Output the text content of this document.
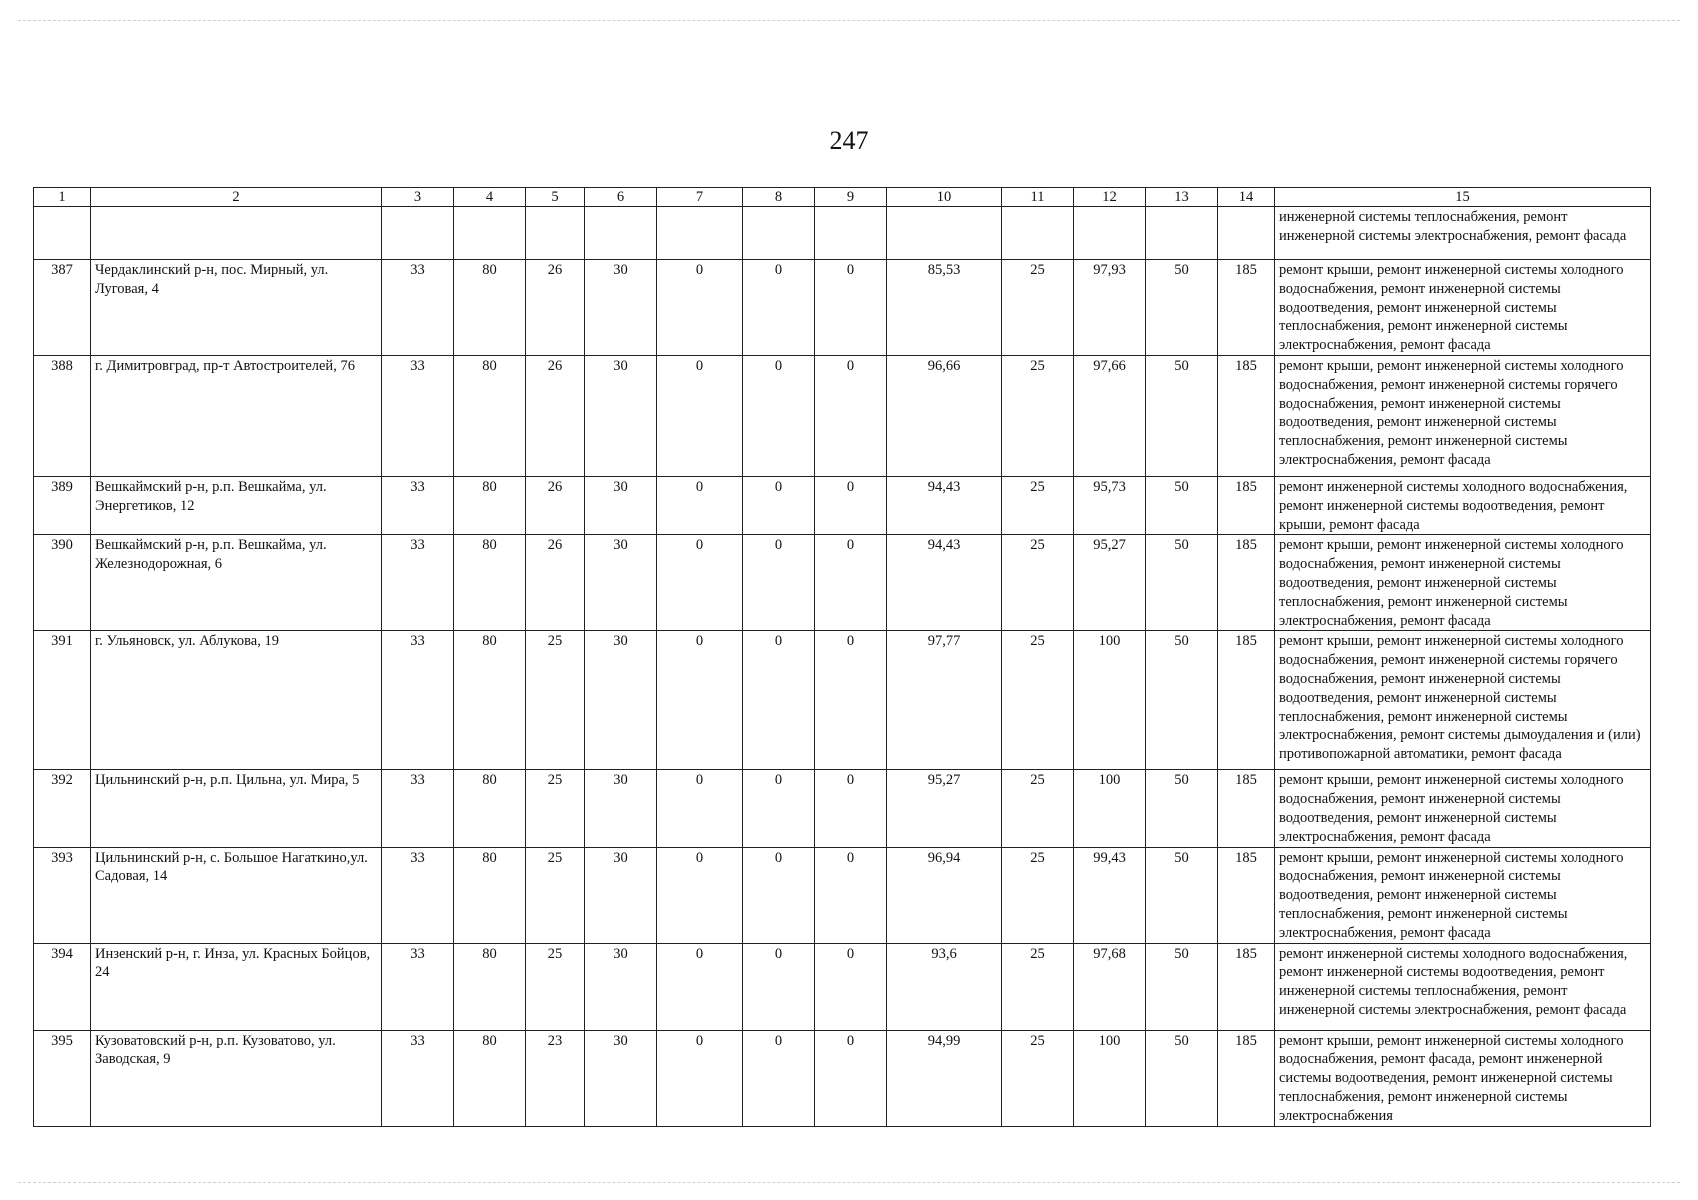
247
1	2	3	4	5	6	7	8	9	10	11	12	13	14	15
														инженерной системы теплоснабжения, ремонт инженерной системы электроснабжения, ремонт фасада
387	Чердаклинский р-н, пос. Мирный, ул. Луговая, 4	33	80	26	30	0	0	0	85,53	25	97,93	50	185	ремонт крыши, ремонт инженерной системы холодного водоснабжения, ремонт инженерной системы водоотведения, ремонт инженерной системы теплоснабжения, ремонт инженерной системы электроснабжения, ремонт фасада
388	г. Димитровград, пр-т Автостроителей, 76	33	80	26	30	0	0	0	96,66	25	97,66	50	185	ремонт крыши, ремонт инженерной системы холодного водоснабжения, ремонт инженерной системы горячего водоснабжения, ремонт инженерной системы водоотведения, ремонт инженерной системы теплоснабжения, ремонт инженерной системы электроснабжения, ремонт фасада
389	Вешкаймский р-н, р.п. Вешкайма, ул. Энергетиков, 12	33	80	26	30	0	0	0	94,43	25	95,73	50	185	ремонт инженерной системы холодного водоснабжения, ремонт инженерной системы водоотведения, ремонт крыши, ремонт фасада
390	Вешкаймский р-н, р.п. Вешкайма, ул. Железнодорожная, 6	33	80	26	30	0	0	0	94,43	25	95,27	50	185	ремонт крыши, ремонт инженерной системы холодного водоснабжения, ремонт инженерной системы водоотведения, ремонт инженерной системы теплоснабжения, ремонт инженерной системы электроснабжения, ремонт фасада
391	г. Ульяновск, ул. Аблукова, 19	33	80	25	30	0	0	0	97,77	25	100	50	185	ремонт крыши, ремонт инженерной системы холодного водоснабжения, ремонт инженерной системы горячего водоснабжения, ремонт инженерной системы водоотведения, ремонт инженерной системы теплоснабжения, ремонт инженерной системы электроснабжения, ремонт системы дымоудаления и (или) противопожарной автоматики, ремонт фасада
392	Цильнинский р-н, р.п. Цильна, ул. Мира, 5	33	80	25	30	0	0	0	95,27	25	100	50	185	ремонт крыши, ремонт инженерной системы холодного водоснабжения, ремонт инженерной системы водоотведения, ремонт инженерной системы электроснабжения, ремонт фасада
393	Цильнинский р-н, с. Большое Нагаткино,ул. Садовая, 14	33	80	25	30	0	0	0	96,94	25	99,43	50	185	ремонт крыши, ремонт инженерной системы холодного водоснабжения, ремонт инженерной системы водоотведения, ремонт инженерной системы теплоснабжения, ремонт инженерной системы электроснабжения, ремонт фасада
394	Инзенский р-н, г. Инза, ул. Красных Бойцов, 24	33	80	25	30	0	0	0	93,6	25	97,68	50	185	ремонт инженерной системы холодного водоснабжения, ремонт инженерной системы водоотведения, ремонт инженерной системы теплоснабжения, ремонт инженерной системы электроснабжения, ремонт фасада
395	Кузоватовский р-н, р.п. Кузоватово, ул. Заводская, 9	33	80	23	30	0	0	0	94,99	25	100	50	185	ремонт крыши, ремонт инженерной системы холодного водоснабжения, ремонт фасада, ремонт инженерной системы водоотведения, ремонт инженерной системы теплоснабжения, ремонт инженерной системы электроснабжения
